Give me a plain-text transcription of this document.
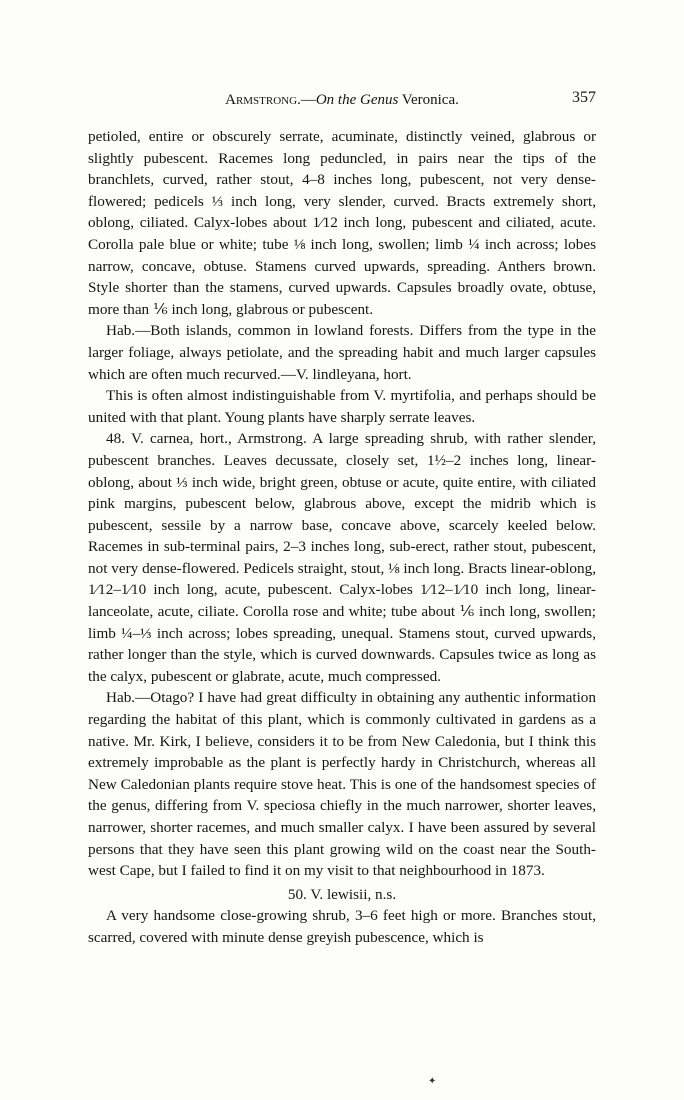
Armstrong.—On the Genus Veronica.	357

petioled, entire or obscurely serrate, acuminate, distinctly veined, glabrous or slightly pubescent. Racemes long peduncled, in pairs near the tips of the branchlets, curved, rather stout, 4–8 inches long, pubescent, not very dense-flowered; pedicels ⅓ inch long, very slender, curved. Bracts extremely short, oblong, ciliated. Calyx-lobes about 1⁄12 inch long, pubescent and ciliated, acute. Corolla pale blue or white; tube ⅛ inch long, swollen; limb ¼ inch across; lobes narrow, concave, obtuse. Stamens curved upwards, spreading. Anthers brown. Style shorter than the stamens, curved upwards. Capsules broadly ovate, obtuse, more than ⅙ inch long, glabrous or pubescent.

Hab.—Both islands, common in lowland forests. Differs from the type in the larger foliage, always petiolate, and the spreading habit and much larger capsules which are often much recurved.—V. lindleyana, hort.

This is often almost indistinguishable from V. myrtifolia, and perhaps should be united with that plant. Young plants have sharply serrate leaves.

48. V. carnea, hort., Armstrong. A large spreading shrub, with rather slender, pubescent branches. Leaves decussate, closely set, 1½–2 inches long, linear-oblong, about ⅓ inch wide, bright green, obtuse or acute, quite entire, with ciliated pink margins, pubescent below, glabrous above, except the midrib which is pubescent, sessile by a narrow base, concave above, scarcely keeled below. Racemes in sub-terminal pairs, 2–3 inches long, sub-erect, rather stout, pubescent, not very dense-flowered. Pedicels straight, stout, ⅛ inch long. Bracts linear-oblong, 1⁄12–1⁄10 inch long, acute, pubescent. Calyx-lobes 1⁄12–1⁄10 inch long, linear-lanceolate, acute, ciliate. Corolla rose and white; tube about ⅙ inch long, swollen; limb ¼–⅓ inch across; lobes spreading, unequal. Stamens stout, curved upwards, rather longer than the style, which is curved downwards. Capsules twice as long as the calyx, pubescent or glabrate, acute, much compressed.

Hab.—Otago? I have had great difficulty in obtaining any authentic information regarding the habitat of this plant, which is commonly cultivated in gardens as a native. Mr. Kirk, I believe, considers it to be from New Caledonia, but I think this extremely improbable as the plant is perfectly hardy in Christchurch, whereas all New Caledonian plants require stove heat. This is one of the handsomest species of the genus, differing from V. speciosa chiefly in the much narrower, shorter leaves, narrower, shorter racemes, and much smaller calyx. I have been assured by several persons that they have seen this plant growing wild on the coast near the South-west Cape, but I failed to find it on my visit to that neighbourhood in 1873.

50. V. lewisii, n.s.

A very handsome close-growing shrub, 3–6 feet high or more. Branches stout, scarred, covered with minute dense greyish pubescence, which is

✦
